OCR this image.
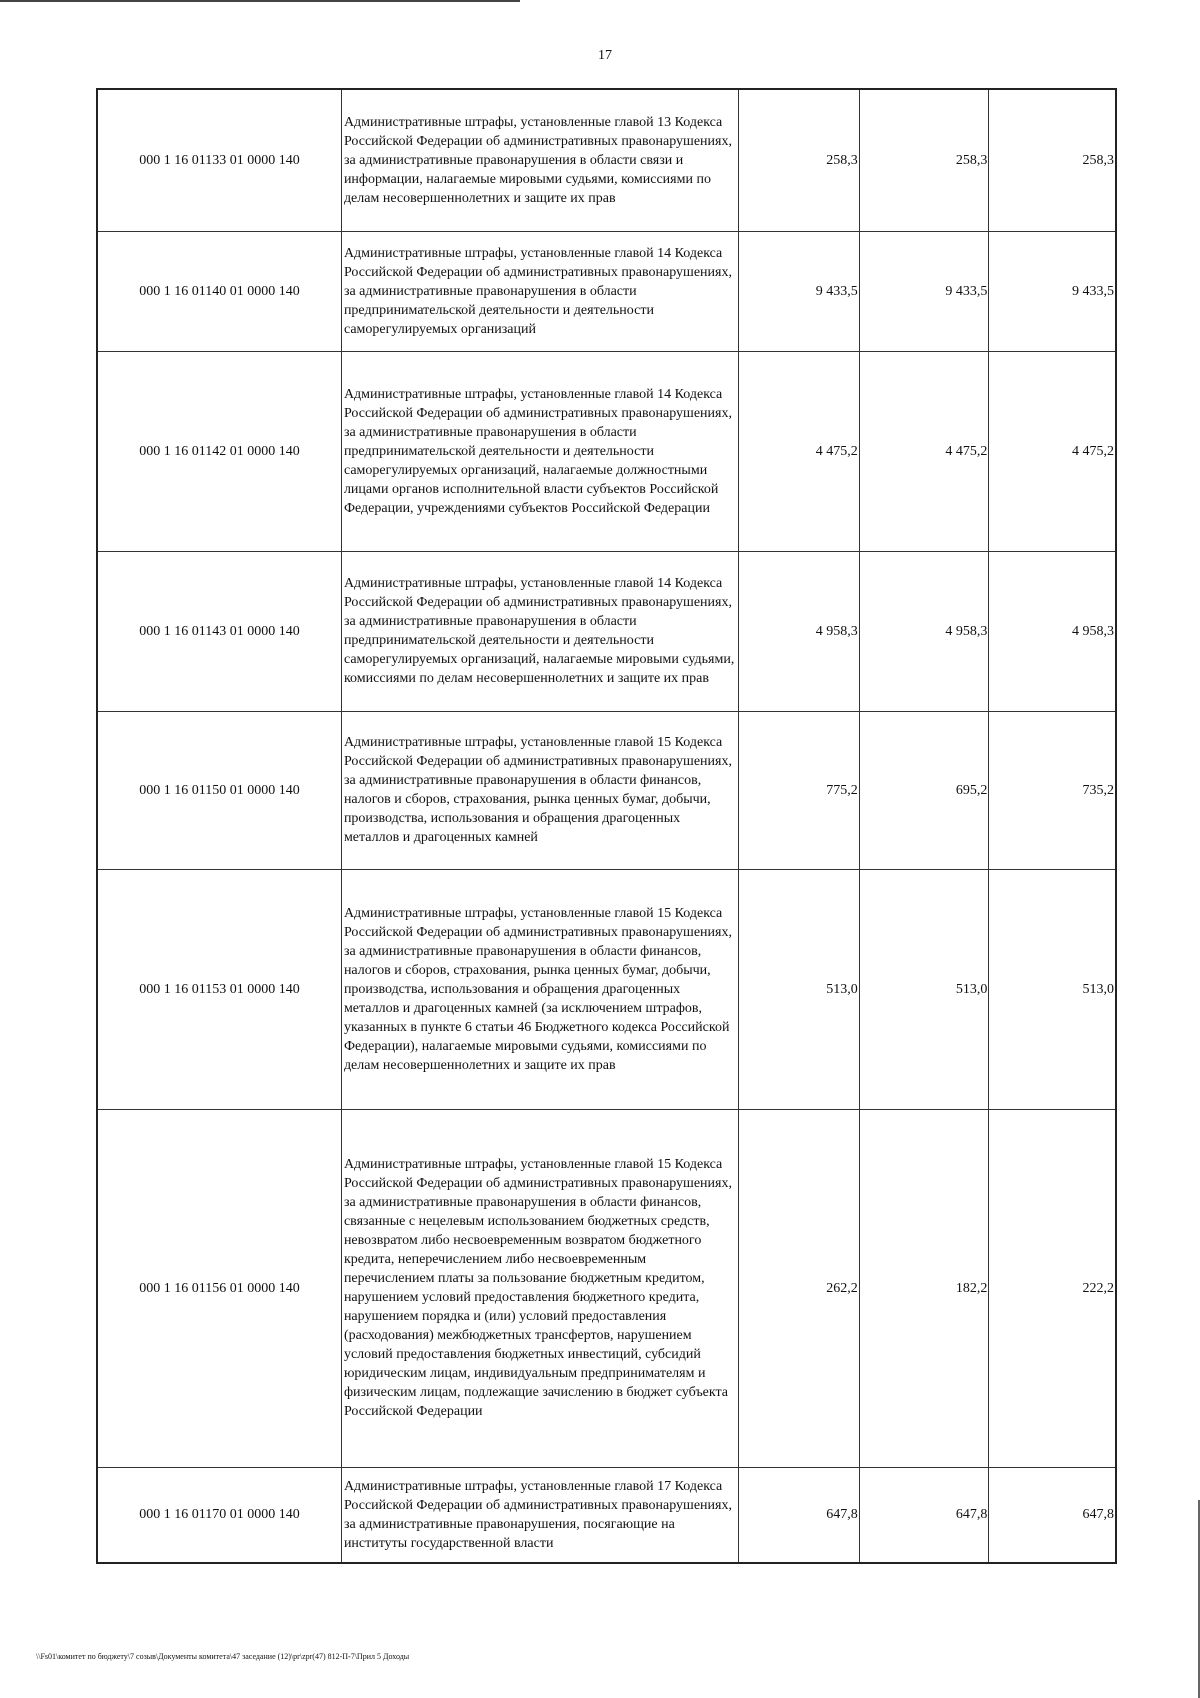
17
000 1 16 01133 01 0000 140	Административные штрафы, установленные главой 13 Кодекса Российской Федерации об административных правонарушениях, за административные правонарушения в области связи и информации, налагаемые мировыми судьями, комиссиями по делам несовершеннолетних и защите их прав	258,3	258,3	258,3
000 1 16 01140 01 0000 140	Административные штрафы, установленные главой 14 Кодекса Российской Федерации об административных правонарушениях, за административные правонарушения в области предпринимательской деятельности и деятельности саморегулируемых организаций	9 433,5	9 433,5	9 433,5
000 1 16 01142 01 0000 140	Административные штрафы, установленные главой 14 Кодекса Российской Федерации об административных правонарушениях, за административные правонарушения в области предпринимательской деятельности и деятельности саморегулируемых организаций, налагаемые должностными лицами органов исполнительной власти субъектов Российской Федерации, учреждениями субъектов Российской Федерации	4 475,2	4 475,2	4 475,2
000 1 16 01143 01 0000 140	Административные штрафы, установленные главой 14 Кодекса Российской Федерации об административных правонарушениях, за административные правонарушения в области предпринимательской деятельности и деятельности саморегулируемых организаций, налагаемые мировыми судьями, комиссиями по делам несовершеннолетних и защите их прав	4 958,3	4 958,3	4 958,3
000 1 16 01150 01 0000 140	Административные штрафы, установленные главой 15 Кодекса Российской Федерации об административных правонарушениях, за административные правонарушения в области финансов, налогов и сборов, страхования, рынка ценных бумаг, добычи, производства, использования и обращения драгоценных металлов и драгоценных камней	775,2	695,2	735,2
000 1 16 01153 01 0000 140	Административные штрафы, установленные главой 15 Кодекса Российской Федерации об административных правонарушениях, за административные правонарушения в области финансов, налогов и сборов, страхования, рынка ценных бумаг, добычи, производства, использования и обращения драгоценных металлов и драгоценных камней (за исключением штрафов, указанных в пункте 6 статьи 46 Бюджетного кодекса Российской Федерации), налагаемые мировыми судьями, комиссиями по делам несовершеннолетних и защите их прав	513,0	513,0	513,0
000 1 16 01156 01 0000 140	Административные штрафы, установленные главой 15 Кодекса Российской Федерации об административных правонарушениях, за административные правонарушения в области финансов, связанные с нецелевым использованием бюджетных средств, невозвратом либо несвоевременным возвратом бюджетного кредита, неперечислением либо несвоевременным перечислением платы за пользование бюджетным кредитом, нарушением условий предоставления бюджетного кредита, нарушением порядка и (или) условий предоставления (расходования) межбюджетных трансфертов, нарушением условий предоставления бюджетных инвестиций, субсидий юридическим лицам, индивидуальным предпринимателям и физическим лицам, подлежащие зачислению в бюджет субъекта Российской Федерации	262,2	182,2	222,2
000 1 16 01170 01 0000 140	Административные штрафы, установленные главой 17 Кодекса Российской Федерации об административных правонарушениях, за административные правонарушения, посягающие на институты государственной власти	647,8	647,8	647,8
\\Fs01\комитет по бюджету\7 созыв\Документы комитета\47 заседание (12)\pr\zpr(47) 812-П-7\Прил 5 Доходы
